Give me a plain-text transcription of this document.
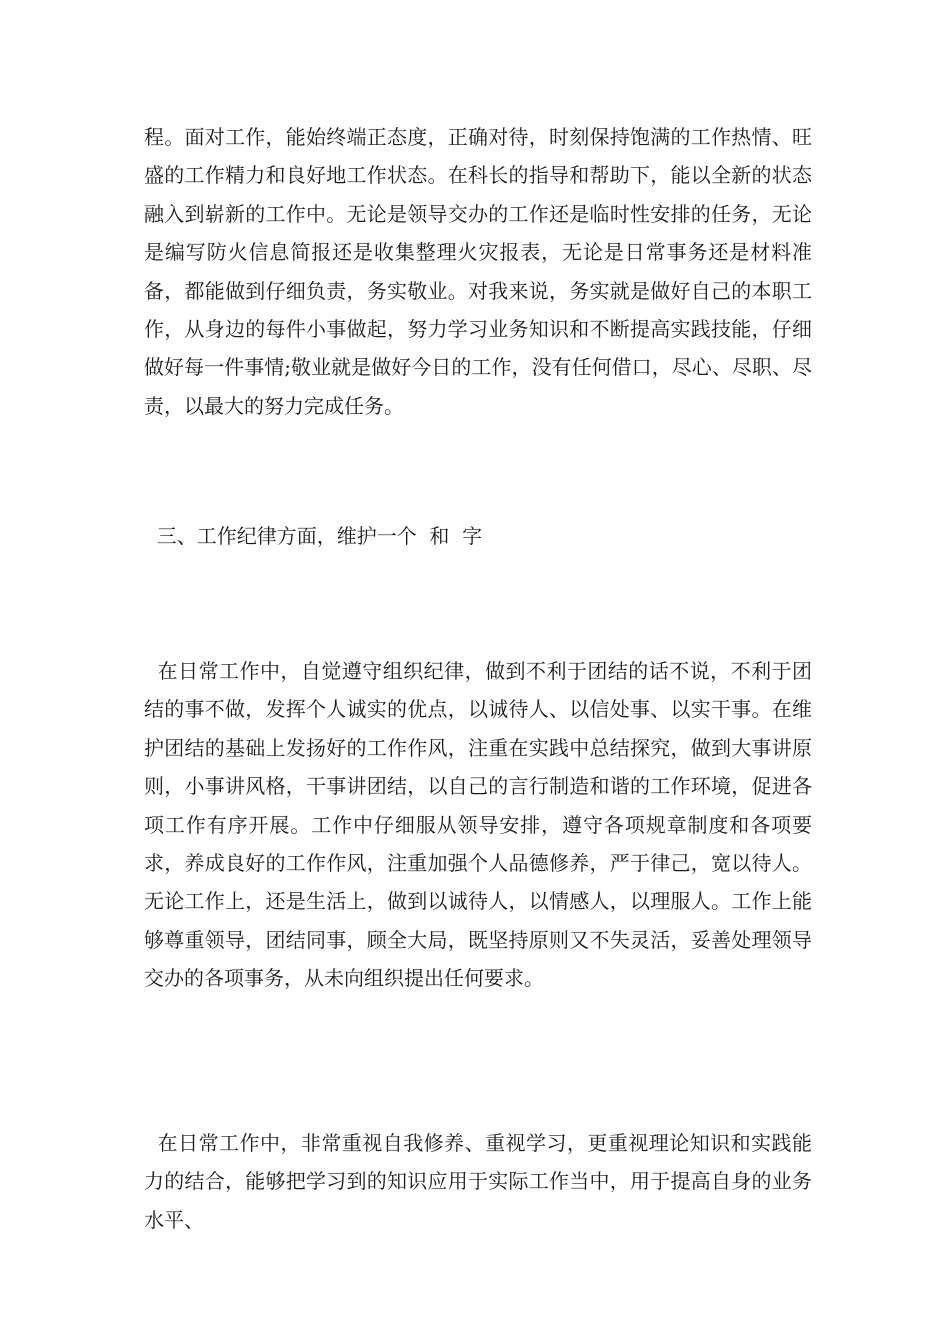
程。面对工作，能始终端正态度，正确对待，时刻保持饱满的工作热情、旺盛的工作精力和良好地工作状态。在科长的指导和帮助下，能以全新的状态融入到崭新的工作中。无论是领导交办的工作还是临时性安排的任务，无论是编写防火信息简报还是收集整理火灾报表，无论是日常事务还是材料准备，都能做到仔细负责，务实敬业。对我来说，务实就是做好自己的本职工作，从身边的每件小事做起，努力学习业务知识和不断提高实践技能，仔细做好每一件事情;敬业就是做好今日的工作，没有任何借口，尽心、尽职、尽责，以最大的努力完成任务。

三、工作纪律方面，维护一个  和  字

在日常工作中，自觉遵守组织纪律，做到不利于团结的话不说，不利于团结的事不做，发挥个人诚实的优点，以诚待人、以信处事、以实干事。在维护团结的基础上发扬好的工作作风，注重在实践中总结探究，做到大事讲原则，小事讲风格，干事讲团结，以自己的言行制造和谐的工作环境，促进各项工作有序开展。工作中仔细服从领导安排，遵守各项规章制度和各项要求，养成良好的工作作风，注重加强个人品德修养，严于律己，宽以待人。无论工作上，还是生活上，做到以诚待人，以情感人，以理服人。工作上能够尊重领导，团结同事，顾全大局，既坚持原则又不失灵活，妥善处理领导交办的各项事务，从未向组织提出任何要求。

在日常工作中，非常重视自我修养、重视学习，更重视理论知识和实践能力的结合，能够把学习到的知识应用于实际工作当中，用于提高自身的业务水平、
